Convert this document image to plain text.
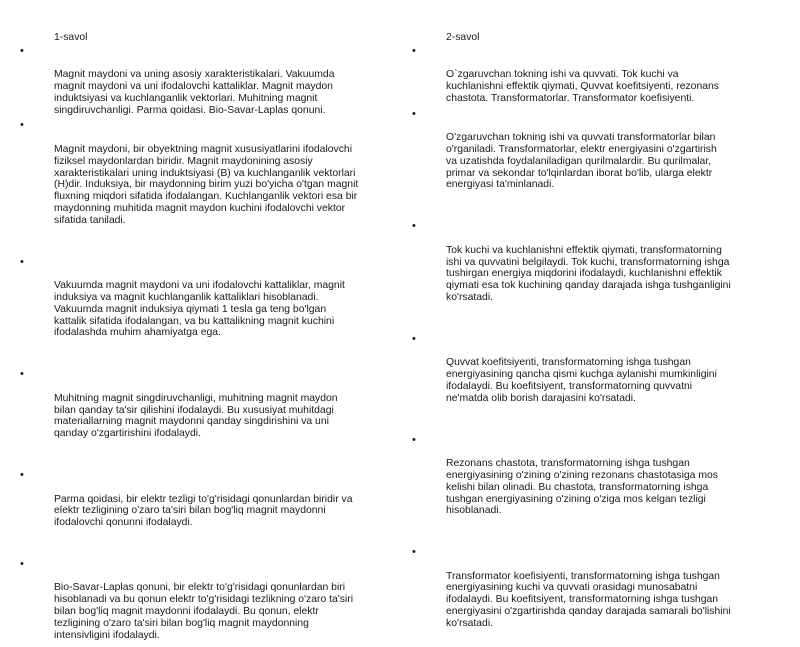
1-savol

•

Magnit maydoni va uning asosiy xarakteristikalari. Vakuumda
magnit maydoni va uni ifodalovchi kattaliklar. Magnit maydon
induktsiyasi va kuchlanganlik vektorlari. Muhitning magnit
singdiruvchanligi. Parma qoidasi. Bio-Savar-Laplas qonuni.

•

Magnit maydoni, bir obyektning magnit xususiyatlarini ifodalovchi
fiziksel maydonlardan biridir. Magnit maydonining asosiy
xarakteristikalari uning induktsiyasi (B) va kuchlanganlik vektorlari
(H)dir. Induksiya, bir maydonning birim yuzi bo'yicha o'tgan magnit
fluxning miqdori sifatida ifodalangan. Kuchlanganlik vektori esa bir
maydonning muhitida magnit maydon kuchini ifodalovchi vektor
sifatida taniladi.

•

Vakuumda magnit maydoni va uni ifodalovchi kattaliklar, magnit
induksiya va magnit kuchlanganlik kattaliklari hisoblanadi.
Vakuumda magnit induksiya qiymati 1 tesla ga teng bo'lgan
kattalik sifatida ifodalangan, va bu kattalikning magnit kuchini
ifodalashda muhim ahamiyatga ega.

•

Muhitning magnit singdiruvchanligi, muhitning magnit maydon
bilan qanday ta'sir qilishini ifodalaydi. Bu xususiyat muhitdagi
materiallarning magnit maydonni qanday singdirishini va uni
qanday o'zgartirishini ifodalaydi.

•

Parma qoidasi, bir elektr tezligi to'g'risidagi qonunlardan biridir va
elektr tezligining o'zaro ta'siri bilan bog'liq magnit maydonni
ifodalovchi qonunni ifodalaydi.

•

Bio-Savar-Laplas qonuni, bir elektr to'g'risidagi qonunlardan biri
hisoblanadi va bu qonun elektr to'g'risidagi tezlikning o'zaro ta'siri
bilan bog'liq magnit maydonni ifodalaydi. Bu qonun, elektr
tezligining o'zaro ta'siri bilan bog'liq magnit maydonning
intensivligini ifodalaydi.

2-savol

•

O`zgaruvchan tokning ishi va quvvati. Tok kuchi va
kuchlanishni effektik qiymati, Quvvat koefitsiyenti, rezonans
chastota. Transformatorlar. Transformator koefisiyenti.

•

O'zgaruvchan tokning ishi va quvvati transformatorlar bilan
o'rganiladi. Transformatorlar, elektr energiyasini o'zgartirish
va uzatishda foydalaniladigan qurilmalardir. Bu qurilmalar,
primar va sekondar to'lqinlardan iborat bo'lib, ularga elektr
energiyasi ta'minlanadi.

•

Tok kuchi va kuchlanishni effektik qiymati, transformatorning
ishi va quvvatini belgilaydi. Tok kuchi, transformatorning ishga
tushirgan energiya miqdorini ifodalaydi, kuchlanishni effektik
qiymati esa tok kuchining qanday darajada ishga tushganligini
ko'rsatadi.

•

Quvvat koefitsiyenti, transformatorning ishga tushgan
energiyasining qancha qismi kuchga aylanishi mumkinligini
ifodalaydi. Bu koefitsiyent, transformatorning quvvatni
ne'matda olib borish darajasini ko'rsatadi.

•

Rezonans chastota, transformatorning ishga tushgan
energiyasining o'zining o'zining rezonans chastotasiga mos
kelishi bilan olinadi. Bu chastota, transformatorning ishga
tushgan energiyasining o'zining o'ziga mos kelgan tezligi
hisoblanadi.

•

Transformator koefisiyenti, transformatorning ishga tushgan
energiyasining kuchi va quvvati orasidagi munosabatni
ifodalaydi. Bu koefitsiyent, transformatorning ishga tushgan
energiyasini o'zgartirishda qanday darajada samarali bo'lishini
ko'rsatadi.
